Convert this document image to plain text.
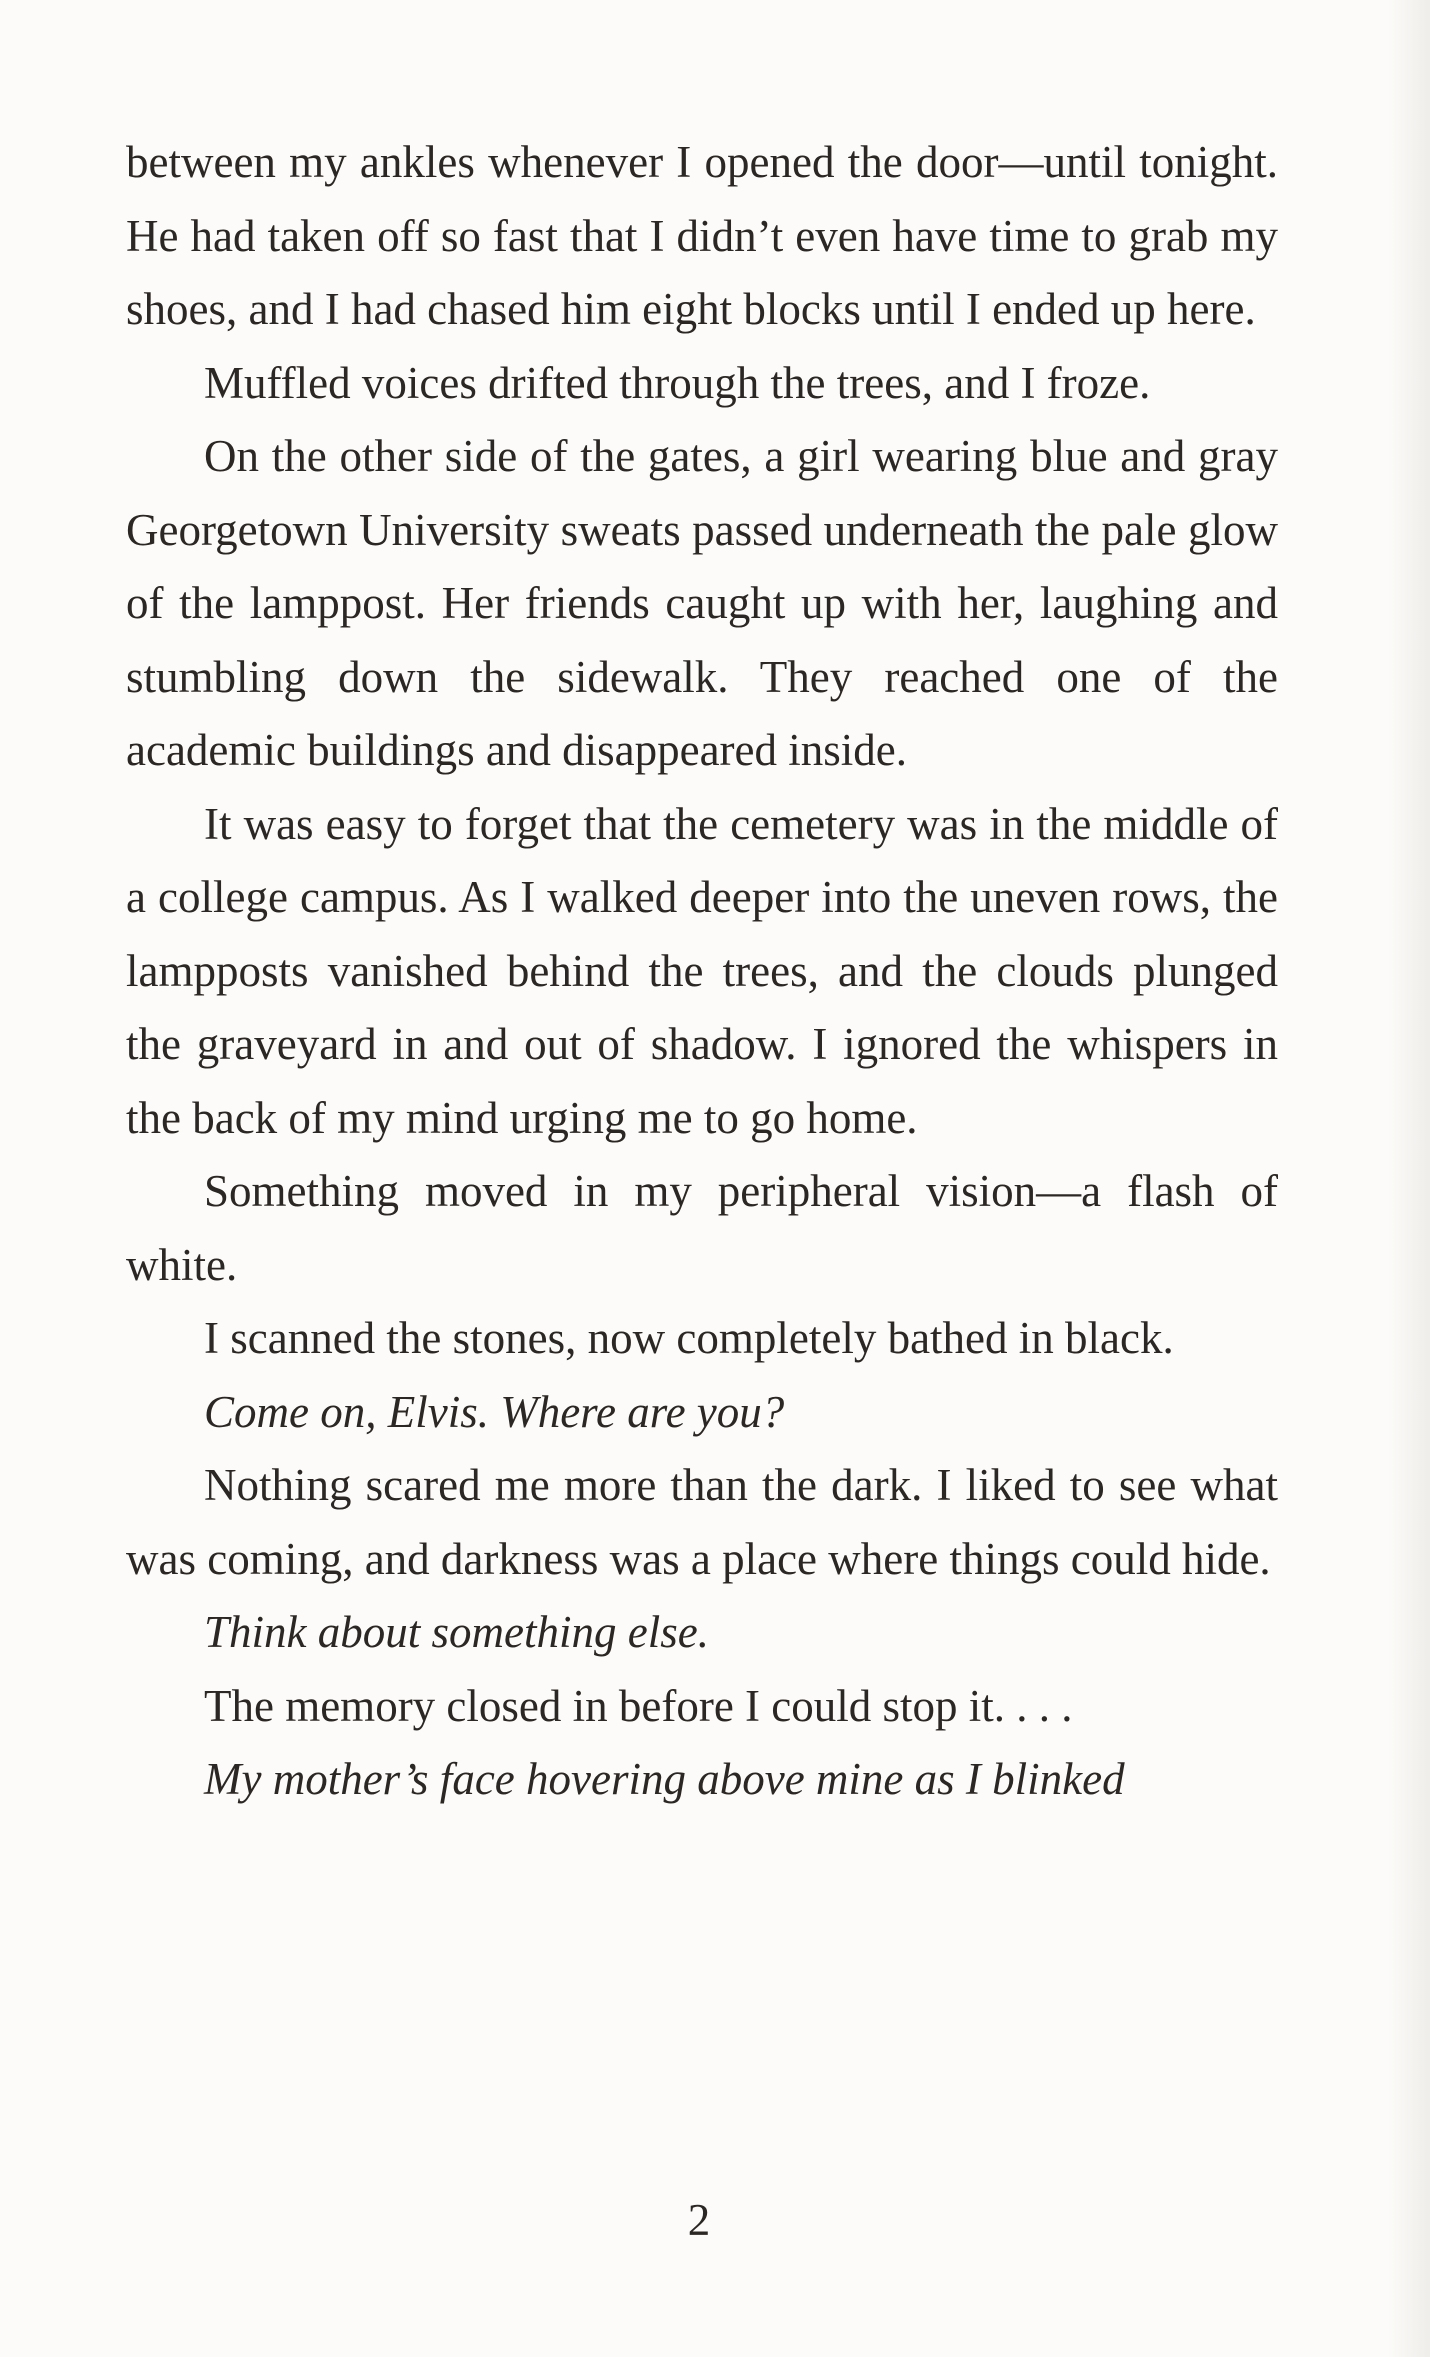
between my ankles whenever I opened the door—until tonight. He had taken off so fast that I didn’t even have time to grab my shoes, and I had chased him eight blocks until I ended up here.

Muffled voices drifted through the trees, and I froze.

On the other side of the gates, a girl wearing blue and gray Georgetown University sweats passed underneath the pale glow of the lamppost. Her friends caught up with her, laughing and stumbling down the sidewalk. They reached one of the academic buildings and disappeared inside.

It was easy to forget that the cemetery was in the middle of a college campus. As I walked deeper into the uneven rows, the lampposts vanished behind the trees, and the clouds plunged the graveyard in and out of shadow. I ignored the whispers in the back of my mind urging me to go home.

Something moved in my peripheral vision—a flash of white.

I scanned the stones, now completely bathed in black.

Come on, Elvis. Where are you?

Nothing scared me more than the dark. I liked to see what was coming, and darkness was a place where things could hide.

Think about something else.

The memory closed in before I could stop it. . . .

My mother’s face hovering above mine as I blinked

2
